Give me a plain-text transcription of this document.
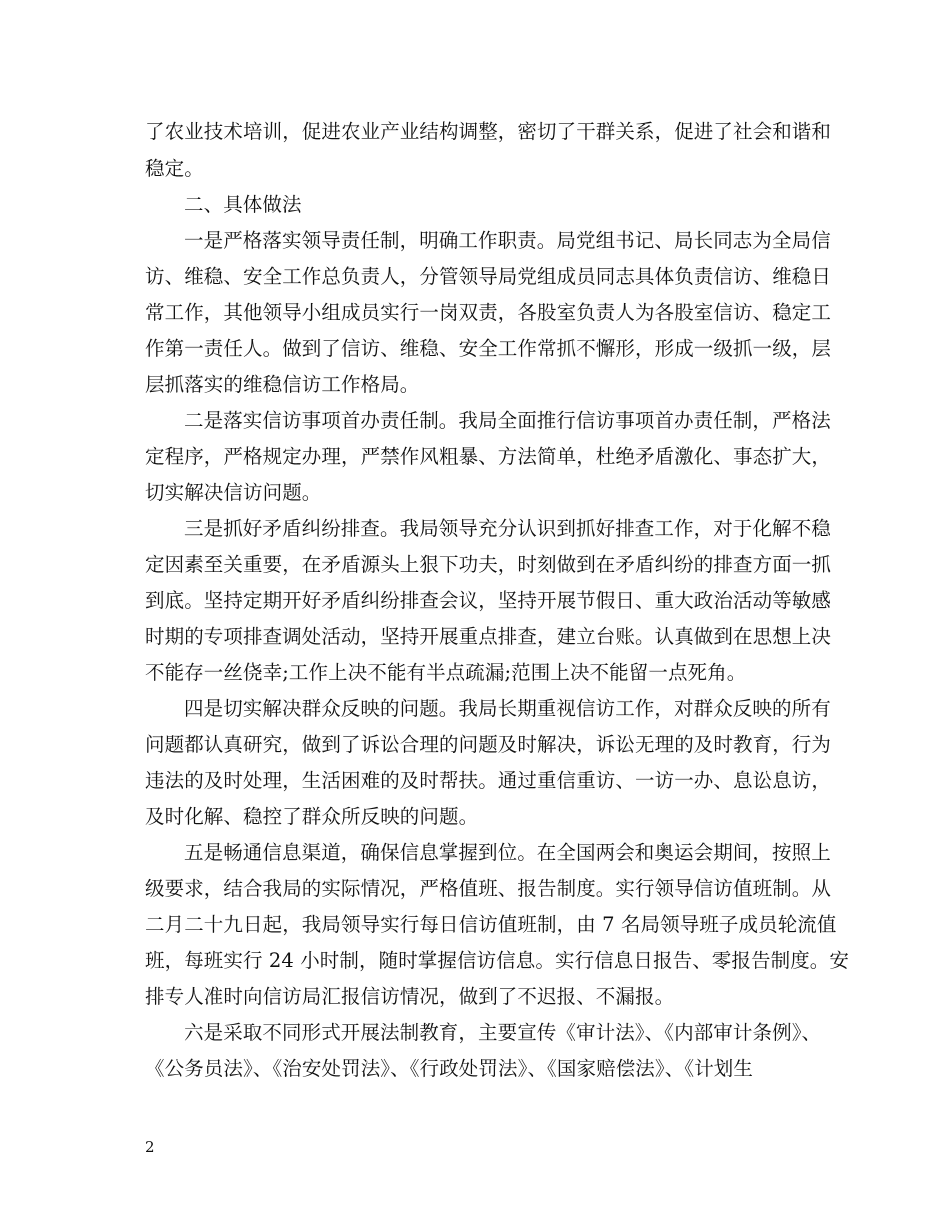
了农业技术培训，促进农业产业结构调整，密切了干群关系，促进了社会和谐和
稳定。
二、具体做法
一是严格落实领导责任制，明确工作职责。局党组书记、局长同志为全局信
访、维稳、安全工作总负责人，分管领导局党组成员同志具体负责信访、维稳日
常工作，其他领导小组成员实行一岗双责，各股室负责人为各股室信访、稳定工
作第一责任人。做到了信访、维稳、安全工作常抓不懈形，形成一级抓一级，层
层抓落实的维稳信访工作格局。
二是落实信访事项首办责任制。我局全面推行信访事项首办责任制，严格法
定程序，严格规定办理，严禁作风粗暴、方法简单，杜绝矛盾激化、事态扩大，
切实解决信访问题。
三是抓好矛盾纠纷排查。我局领导充分认识到抓好排查工作，对于化解不稳
定因素至关重要，在矛盾源头上狠下功夫，时刻做到在矛盾纠纷的排查方面一抓
到底。坚持定期开好矛盾纠纷排查会议，坚持开展节假日、重大政治活动等敏感
时期的专项排查调处活动，坚持开展重点排查，建立台账。认真做到在思想上决
不能存一丝侥幸;工作上决不能有半点疏漏;范围上决不能留一点死角。
四是切实解决群众反映的问题。我局长期重视信访工作，对群众反映的所有
问题都认真研究，做到了诉讼合理的问题及时解决，诉讼无理的及时教育，行为
违法的及时处理，生活困难的及时帮扶。通过重信重访、一访一办、息讼息访，
及时化解、稳控了群众所反映的问题。
五是畅通信息渠道，确保信息掌握到位。在全国两会和奥运会期间，按照上
级要求，结合我局的实际情况，严格值班、报告制度。实行领导信访值班制。从
二月二十九日起，我局领导实行每日信访值班制，由 7 名局领导班子成员轮流值
班，每班实行 24 小时制，随时掌握信访信息。实行信息日报告、零报告制度。安
排专人准时向信访局汇报信访情况，做到了不迟报、不漏报。
六是采取不同形式开展法制教育，主要宣传《审计法》、《内部审计条例》、
《公务员法》、《治安处罚法》、《行政处罚法》、《国家赔偿法》、《计划生
2
